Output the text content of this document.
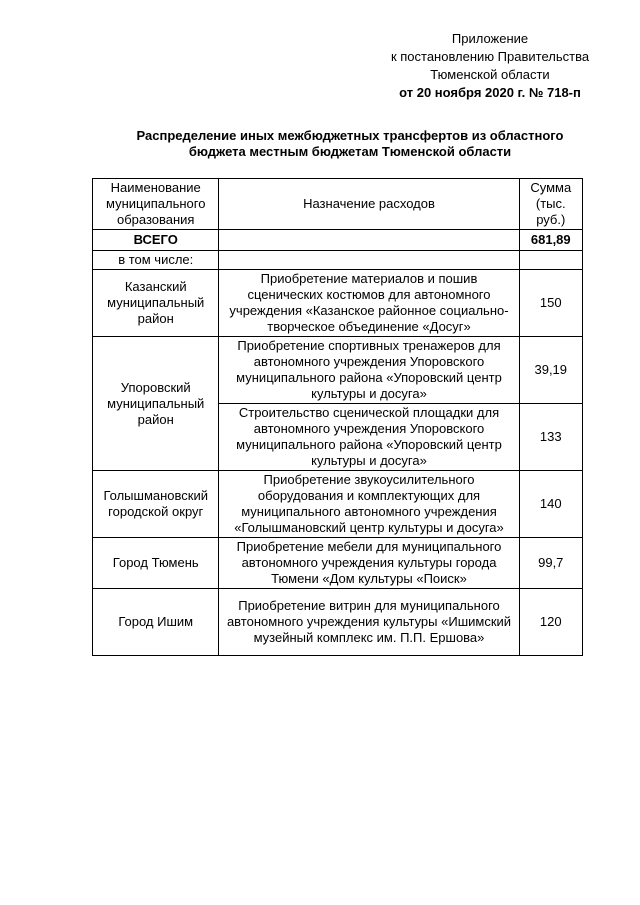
Приложение
к постановлению Правительства
Тюменской области
от 20 ноября 2020 г. № 718-п
Распределение иных межбюджетных трансфертов из областного
бюджета местным бюджетам Тюменской области
Наименование муниципального образования	Назначение расходов	Сумма (тыс. руб.)
ВСЕГО		681,89
в том числе:		
Казанский муниципальный район	Приобретение материалов и пошив сценических костюмов для автономного учреждения «Казанское районное социально-творческое объединение «Досуг»	150
Упоровский муниципальный район	Приобретение спортивных тренажеров для автономного учреждения Упоровского муниципального района «Упоровский центр культуры и досуга»	39,19
	Строительство сценической площадки для автономного учреждения Упоровского муниципального района «Упоровский центр культуры и досуга»	133
Голышмановский городской округ	Приобретение звукоусилительного оборудования и комплектующих для муниципального автономного учреждения «Голышмановский центр культуры и досуга»	140
Город Тюмень	Приобретение мебели для муниципального автономного учреждения культуры города Тюмени «Дом культуры «Поиск»	99,7
Город Ишим	Приобретение витрин для муниципального автономного учреждения культуры «Ишимский музейный комплекс им. П.П. Ершова»	120
